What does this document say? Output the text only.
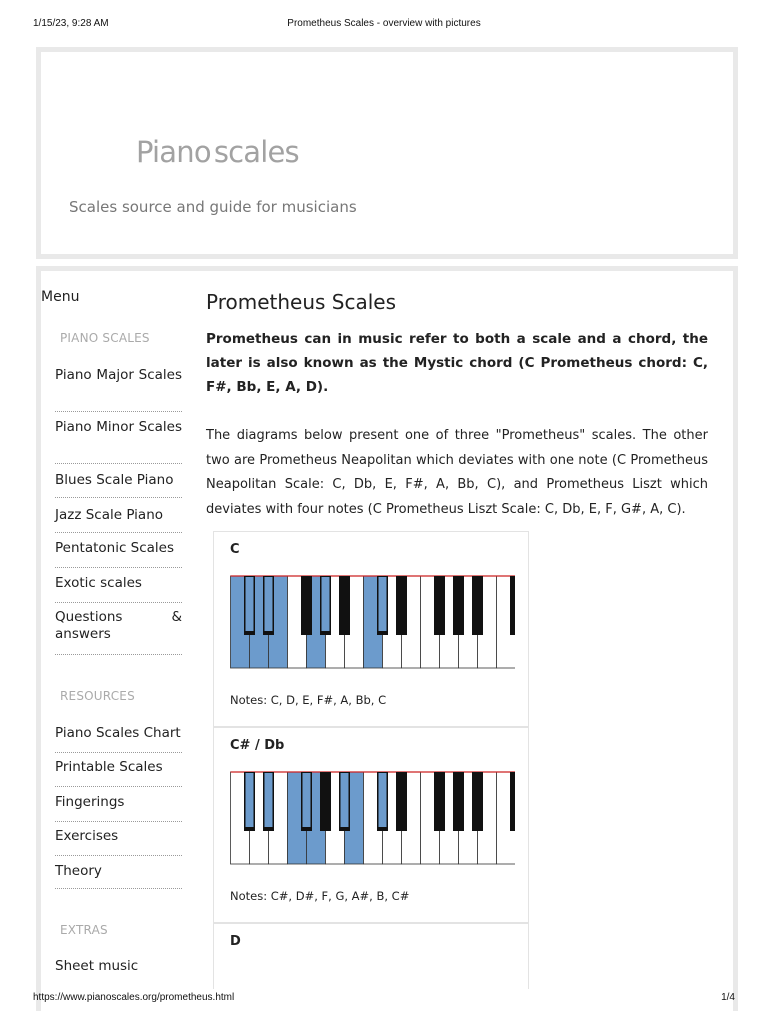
1/15/23, 9:28 AM	Prometheus Scales - overview with pictures
Piano scales
Scales source and guide for musicians
Menu
PIANO SCALES
Piano Major Scales
Piano Minor Scales
Blues Scale Piano
Jazz Scale Piano
Pentatonic Scales
Exotic scales
Questions & answers
RESOURCES
Piano Scales Chart
Printable Scales
Fingerings
Exercises
Theory
EXTRAS
Sheet music
Prometheus Scales
Prometheus can in music refer to both a scale and a chord, the later is also known as the Mystic chord (C Prometheus chord: C, F#, Bb, E, A, D).
The diagrams below present one of three "Prometheus" scales. The other two are Prometheus Neapolitan which deviates with one note (C Prometheus Neapolitan Scale: C, Db, E, F#, A, Bb, C), and Prometheus Liszt which deviates with four notes (C Prometheus Liszt Scale: C, Db, E, F, G#, A, C).
C
Notes: C, D, E, F#, A, Bb, C
C# / Db
Notes: C#, D#, F, G, A#, B, C#
D
https://www.pianoscales.org/prometheus.html	1/4
